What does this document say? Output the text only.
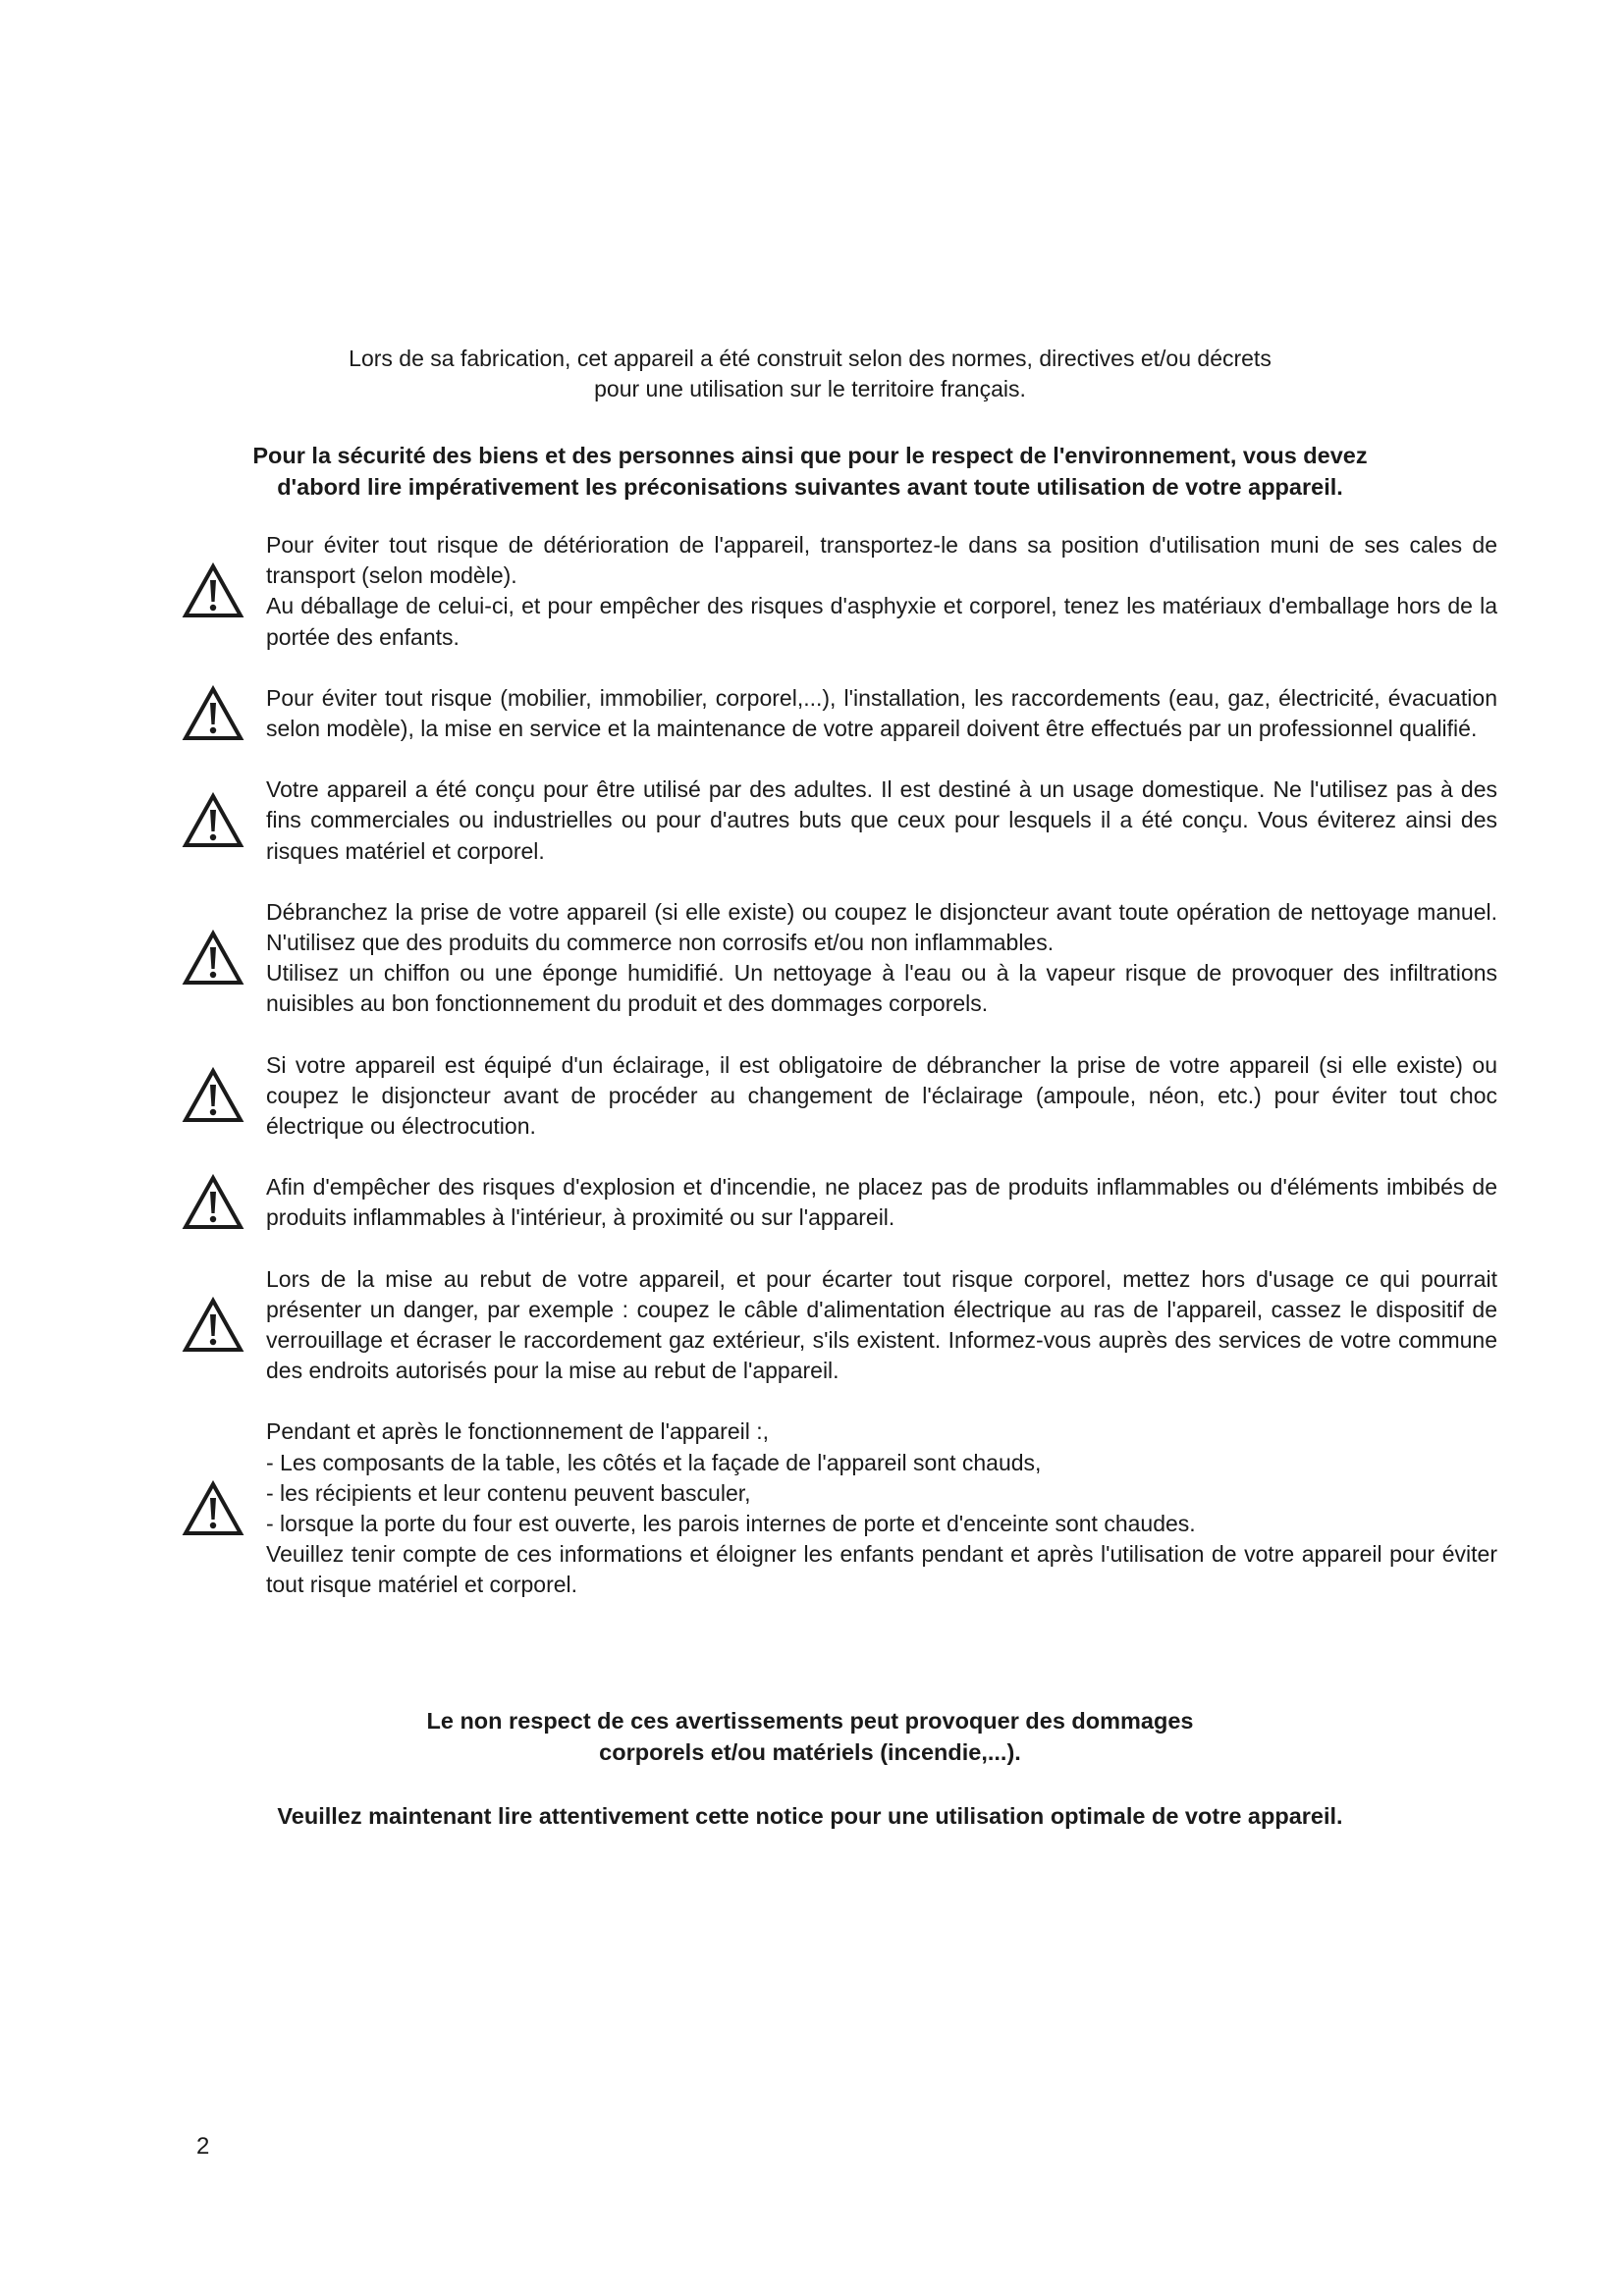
Lors de sa fabrication, cet appareil a été construit selon des normes, directives et/ou décrets
pour une utilisation sur le territoire français.
Pour la sécurité des biens et des personnes ainsi que pour le respect de l'environnement, vous devez
d'abord lire impérativement les préconisations suivantes avant toute utilisation de votre appareil.

Pour éviter tout risque de détérioration de l'appareil, transportez-le dans sa position d'utilisation muni de ses cales de transport (selon modèle).

Au déballage de celui-ci, et pour empêcher des risques d'asphyxie et corporel, tenez les matériaux d'emballage hors de la portée des enfants.

Pour éviter tout risque (mobilier, immobilier, corporel,...), l'installation, les raccordements (eau, gaz, électricité, évacuation selon modèle), la mise en service et la maintenance de votre appareil doivent être effectués par un professionnel qualifié.

Votre appareil a été conçu pour être utilisé par des adultes. Il est destiné à un usage domestique. Ne l'utilisez pas à des fins commerciales ou industrielles ou pour d'autres buts que ceux pour lesquels il a été conçu. Vous éviterez ainsi des risques matériel et corporel.

Débranchez la prise de votre appareil (si elle existe) ou coupez le disjoncteur avant toute opération de nettoyage manuel. N'utilisez que des produits du commerce non corrosifs et/ou non inflammables.

Utilisez un chiffon ou une éponge humidifié. Un nettoyage à l'eau ou à la vapeur risque de provoquer des infiltrations nuisibles au bon fonctionnement du produit et des dommages corporels.

Si votre appareil est équipé d'un éclairage, il est obligatoire de débrancher la prise de votre appareil (si elle existe) ou coupez le disjoncteur avant de procéder au changement de l'éclairage (ampoule, néon, etc.) pour éviter tout choc électrique ou électrocution.

Afin d'empêcher des risques d'explosion et d'incendie, ne placez pas de produits inflammables ou d'éléments imbibés de produits inflammables à l'intérieur, à proximité ou sur l'appareil.

Lors de la mise au rebut de votre appareil, et pour écarter tout risque corporel, mettez hors d'usage ce qui pourrait présenter un danger, par exemple : coupez le câble d'alimentation électrique au ras de l'appareil, cassez le dispositif de verrouillage et écraser le raccordement gaz extérieur, s'ils existent. Informez-vous auprès des services de votre commune des endroits autorisés pour la mise au rebut de l'appareil.

Pendant et après le fonctionnement de l'appareil :,

- Les composants de la table, les côtés et la façade de l'appareil sont chauds,

- les récipients et leur contenu peuvent basculer,

- lorsque la porte du four est ouverte, les parois internes de porte et d'enceinte sont chaudes.

Veuillez tenir compte de ces informations et éloigner les enfants pendant et après l'utilisation de votre appareil pour éviter tout risque matériel et corporel.

Le non respect de ces avertissements peut provoquer des dommages
corporels et/ou matériels (incendie,...).
Veuillez maintenant lire attentivement cette notice pour une utilisation optimale de votre appareil.
2
